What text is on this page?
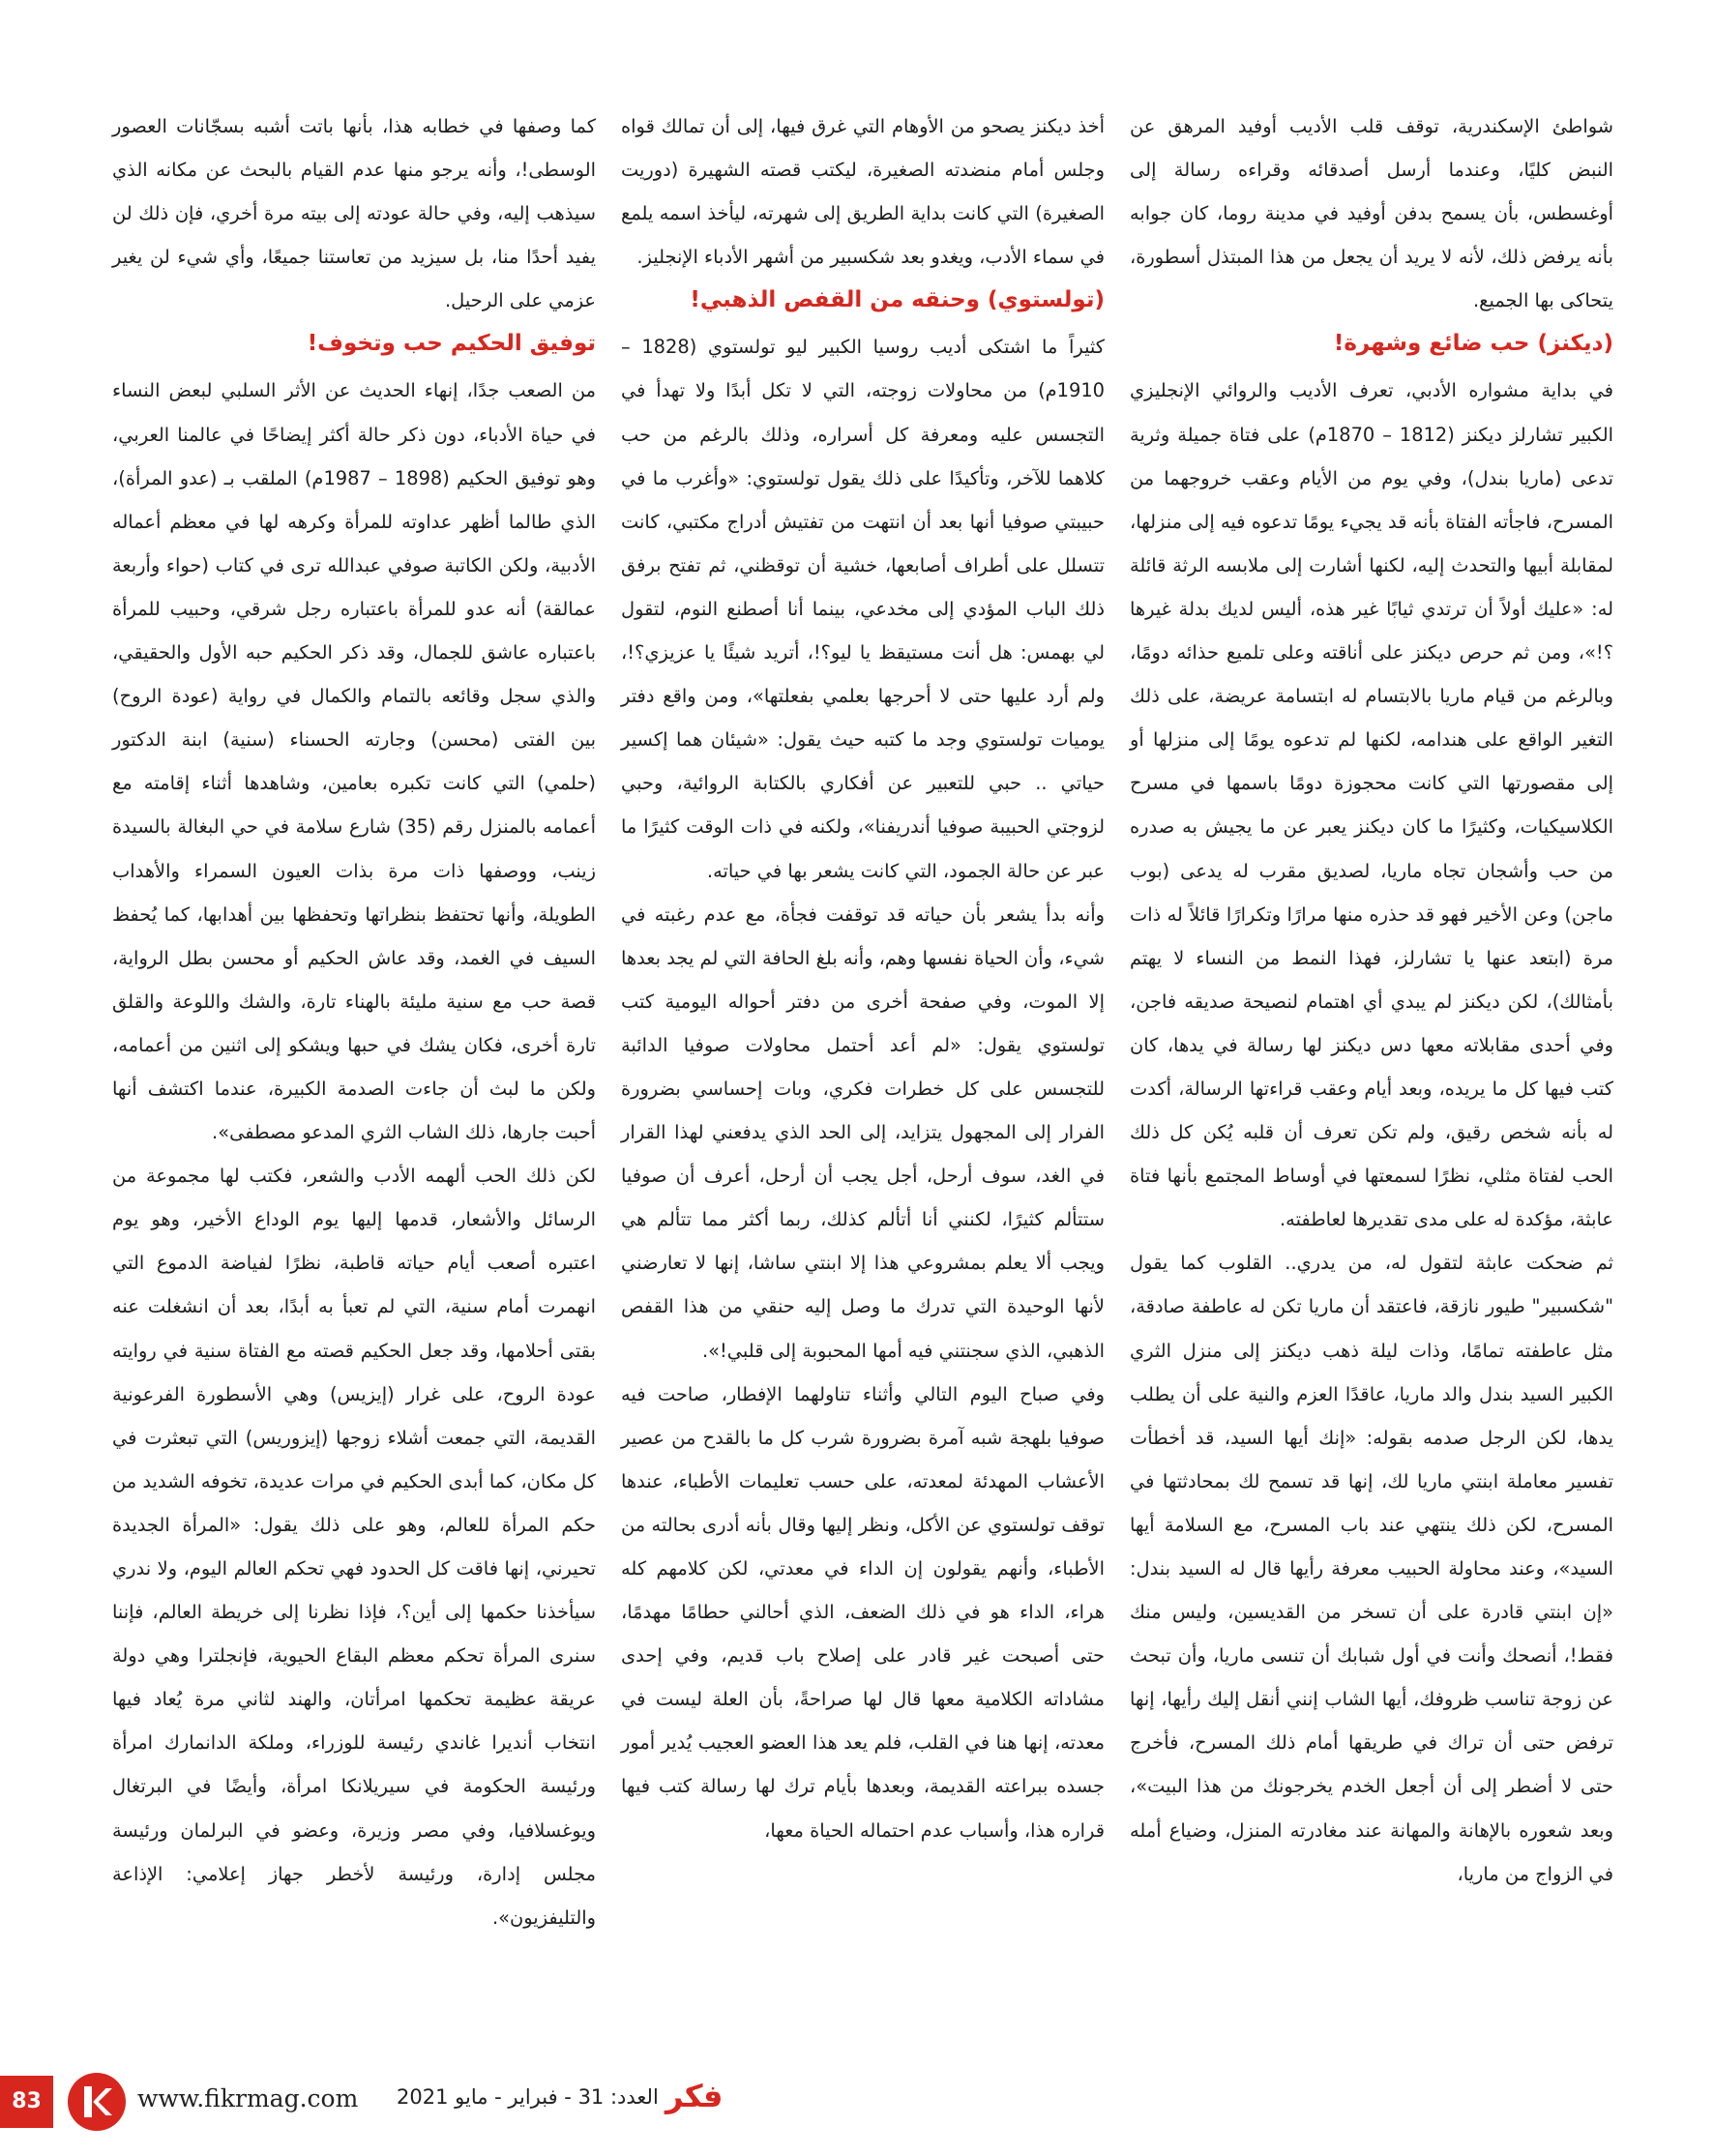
شواطئ الإسكندرية، توقف قلب الأديب أوفيد المرهق عن النبض كليًا، وعندما أرسل أصدقائه وقراءه رسالة إلى أوغسطس، بأن يسمح بدفن أوفيد في مدينة روما، كان جوابه بأنه يرفض ذلك، لأنه لا يريد أن يجعل من هذا المبتذل أسطورة، يتحاكى بها الجميع.

(ديكنز) حب ضائع وشهرة!

في بداية مشواره الأدبي، تعرف الأديب والروائي الإنجليزي الكبير تشارلز ديكنز (1812 – 1870م) على فتاة جميلة وثرية تدعى (ماريا بندل)، وفي يوم من الأيام وعقب خروجهما من المسرح، فاجأته الفتاة بأنه قد يجيء يومًا تدعوه فيه إلى منزلها، لمقابلة أبيها والتحدث إليه، لكنها أشارت إلى ملابسه الرثة قائلة له: «عليك أولاً أن ترتدي ثيابًا غير هذه، أليس لديك بدلة غيرها ؟!»، ومن ثم حرص ديكنز على أناقته وعلى تلميع حذائه دومًا، وبالرغم من قيام ماريا بالابتسام له ابتسامة عريضة، على ذلك التغير الواقع على هندامه، لكنها لم تدعوه يومًا إلى منزلها أو إلى مقصورتها التي كانت محجوزة دومًا باسمها في مسرح الكلاسيكيات، وكثيرًا ما كان ديكنز يعبر عن ما يجيش به صدره من حب وأشجان تجاه ماريا، لصديق مقرب له يدعى (بوب ماجن) وعن الأخير فهو قد حذره منها مرارًا وتكرارًا قائلاً له ذات مرة (ابتعد عنها يا تشارلز، فهذا النمط من النساء لا يهتم بأمثالك)، لكن ديكنز لم يبدي أي اهتمام لنصيحة صديقه فاجن، وفي أحدى مقابلاته معها دس ديكنز لها رسالة في يدها، كان كتب فيها كل ما يريده، وبعد أيام وعقب قراءتها الرسالة، أكدت له بأنه شخص رقيق، ولم تكن تعرف أن قلبه يُكن كل ذلك الحب لفتاة مثلي، نظرًا لسمعتها في أوساط المجتمع بأنها فتاة عابثة، مؤكدة له على مدى تقديرها لعاطفته.

ثم ضحكت عابثة لتقول له، من يدري.. القلوب كما يقول "شكسبير" طيور نازقة، فاعتقد أن ماريا تكن له عاطفة صادقة، مثل عاطفته تمامًا، وذات ليلة ذهب ديكنز إلى منزل الثري الكبير السيد بندل والد ماريا، عاقدًا العزم والنية على أن يطلب يدها، لكن الرجل صدمه بقوله: «إنك أيها السيد، قد أخطأت تفسير معاملة ابنتي ماريا لك، إنها قد تسمح لك بمحادثتها في المسرح، لكن ذلك ينتهي عند باب المسرح، مع السلامة أيها السيد»، وعند محاولة الحبيب معرفة رأيها قال له السيد بندل: «إن ابنتي قادرة على أن تسخر من القديسين، وليس منك فقط!، أنصحك وأنت في أول شبابك أن تنسى ماريا، وأن تبحث عن زوجة تناسب ظروفك، أيها الشاب إنني أنقل إليك رأيها، إنها ترفض حتى أن تراك في طريقها أمام ذلك المسرح، فأخرج حتى لا أضطر إلى أن أجعل الخدم يخرجونك من هذا البيت»، وبعد شعوره بالإهانة والمهانة عند مغادرته المنزل، وضياع أمله في الزواج من ماريا،

أخذ ديكنز يصحو من الأوهام التي غرق فيها، إلى أن تمالك قواه وجلس أمام منضدته الصغيرة، ليكتب قصته الشهيرة (دوريت الصغيرة) التي كانت بداية الطريق إلى شهرته، ليأخذ اسمه يلمع في سماء الأدب، ويغدو بعد شكسبير من أشهر الأدباء الإنجليز.

(تولستوي) وحنقه من القفص الذهبي!

كثيراً ما اشتكى أديب روسيا الكبير ليو تولستوي (1828 – 1910م) من محاولات زوجته، التي لا تكل أبدًا ولا تهدأ في التجسس عليه ومعرفة كل أسراره، وذلك بالرغم من حب كلاهما للآخر، وتأكيدًا على ذلك يقول تولستوي: «وأغرب ما في حبيبتي صوفيا أنها بعد أن انتهت من تفتيش أدراج مكتبي، كانت تتسلل على أطراف أصابعها، خشية أن توقظني، ثم تفتح برفق ذلك الباب المؤدي إلى مخدعي، بينما أنا أصطنع النوم، لتقول لي بهمس: هل أنت مستيقظ يا ليو؟!، أتريد شيئًا يا عزيزي؟!، ولم أرد عليها حتى لا أحرجها بعلمي بفعلتها»، ومن واقع دفتر يوميات تولستوي وجد ما كتبه حيث يقول: «شيئان هما إكسير حياتي .. حبي للتعبير عن أفكاري بالكتابة الروائية، وحبي لزوجتي الحبيبة صوفيا أندريفنا»، ولكنه في ذات الوقت كثيرًا ما عبر عن حالة الجمود، التي كانت يشعر بها في حياته.

وأنه بدأ يشعر بأن حياته قد توقفت فجأة، مع عدم رغبته في شيء، وأن الحياة نفسها وهم، وأنه بلغ الحافة التي لم يجد بعدها إلا الموت، وفي صفحة أخرى من دفتر أحواله اليومية كتب تولستوي يقول: «لم أعد أحتمل محاولات صوفيا الدائبة للتجسس على كل خطرات فكري، وبات إحساسي بضرورة الفرار إلى المجهول يتزايد، إلى الحد الذي يدفعني لهذا القرار في الغد، سوف أرحل، أجل يجب أن أرحل، أعرف أن صوفيا ستتألم كثيرًا، لكنني أنا أتألم كذلك، ربما أكثر مما تتألم هي ويجب ألا يعلم بمشروعي هذا إلا ابنتي ساشا، إنها لا تعارضني لأنها الوحيدة التي تدرك ما وصل إليه حنقي من هذا القفص الذهبي، الذي سجنتني فيه أمها المحبوبة إلى قلبي!».

وفي صباح اليوم التالي وأثناء تناولهما الإفطار، صاحت فيه صوفيا بلهجة شبه آمرة بضرورة شرب كل ما بالقدح من عصير الأعشاب المهدئة لمعدته، على حسب تعليمات الأطباء، عندها توقف تولستوي عن الأكل، ونظر إليها وقال بأنه أدرى بحالته من الأطباء، وأنهم يقولون إن الداء في معدتي، لكن كلامهم كله هراء، الداء هو في ذلك الضعف، الذي أحالني حطامًا مهدمًا، حتى أصبحت غير قادر على إصلاح باب قديم، وفي إحدى مشاداته الكلامية معها قال لها صراحةً، بأن العلة ليست في معدته، إنها هنا في القلب، فلم يعد هذا العضو العجيب يُدير أمور جسده ببراعته القديمة، وبعدها بأيام ترك لها رسالة كتب فيها قراره هذا، وأسباب عدم احتماله الحياة معها،

كما وصفها في خطابه هذا، بأنها باتت أشبه بسجّانات العصور الوسطى!، وأنه يرجو منها عدم القيام بالبحث عن مكانه الذي سيذهب إليه، وفي حالة عودته إلى بيته مرة أخري، فإن ذلك لن يفيد أحدًا منا، بل سيزيد من تعاستنا جميعًا، وأي شيء لن يغير عزمي على الرحيل.

توفيق الحكيم حب وتخوف!

من الصعب جدًا، إنهاء الحديث عن الأثر السلبي لبعض النساء في حياة الأدباء، دون ذكر حالة أكثر إيضاحًا في عالمنا العربي، وهو توفيق الحكيم (1898 – 1987م) الملقب بـ (عدو المرأة)، الذي طالما أظهر عداوته للمرأة وكرهه لها في معظم أعماله الأدبية، ولكن الكاتبة صوفي عبدالله ترى في كتاب (حواء وأربعة عمالقة) أنه عدو للمرأة باعتباره رجل شرقي، وحبيب للمرأة باعتباره عاشق للجمال، وقد ذكر الحكيم حبه الأول والحقيقي، والذي سجل وقائعه بالتمام والكمال في رواية (عودة الروح) بين الفتى (محسن) وجارته الحسناء (سنية) ابنة الدكتور (حلمي) التي كانت تكبره بعامين، وشاهدها أثناء إقامته مع أعمامه بالمنزل رقم (35) شارع سلامة في حي البغالة بالسيدة زينب، ووصفها ذات مرة بذات العيون السمراء والأهداب الطويلة، وأنها تحتفظ بنظراتها وتحفظها بين أهدابها، كما يُحفظ السيف في الغمد، وقد عاش الحكيم أو محسن بطل الرواية، قصة حب مع سنية مليئة بالهناء تارة، والشك واللوعة والقلق تارة أخرى، فكان يشك في حبها ويشكو إلى اثنين من أعمامه، ولكن ما لبث أن جاءت الصدمة الكبيرة، عندما اكتشف أنها أحبت جارها، ذلك الشاب الثري المدعو مصطفى».

لكن ذلك الحب ألهمه الأدب والشعر، فكتب لها مجموعة من الرسائل والأشعار، قدمها إليها يوم الوداع الأخير، وهو يوم اعتبره أصعب أيام حياته قاطبة، نظرًا لفياضة الدموع التي انهمرت أمام سنية، التي لم تعبأ به أبدًا، بعد أن انشغلت عنه بقتى أحلامها، وقد جعل الحكيم قصته مع الفتاة سنية في روايته عودة الروح، على غرار (إيزيس) وهي الأسطورة الفرعونية القديمة، التي جمعت أشلاء زوجها (إيزوريس) التي تبعثرت في كل مكان، كما أبدى الحكيم في مرات عديدة، تخوفه الشديد من حكم المرأة للعالم، وهو على ذلك يقول: «المرأة الجديدة تحيرني، إنها فاقت كل الحدود فهي تحكم العالم اليوم، ولا ندري سيأخذنا حكمها إلى أين؟، فإذا نظرنا إلى خريطة العالم، فإننا سنرى المرأة تحكم معظم البقاع الحيوية، فإنجلترا وهي دولة عريقة عظيمة تحكمها امرأتان، والهند لثاني مرة يُعاد فيها انتخاب أنديرا غاندي رئيسة للوزراء، وملكة الدانمارك امرأة ورئيسة الحكومة في سيريلانكا امرأة، وأيضًا في البرتغال ويوغسلافيا، وفي مصر وزيرة، وعضو في البرلمان ورئيسة مجلس إدارة، ورئيسة لأخطر جهاز إعلامي: الإذاعة والتليفزيون».

83	www.fikrmag.com العدد: 31 - فبراير - مايو 2021 فكر
